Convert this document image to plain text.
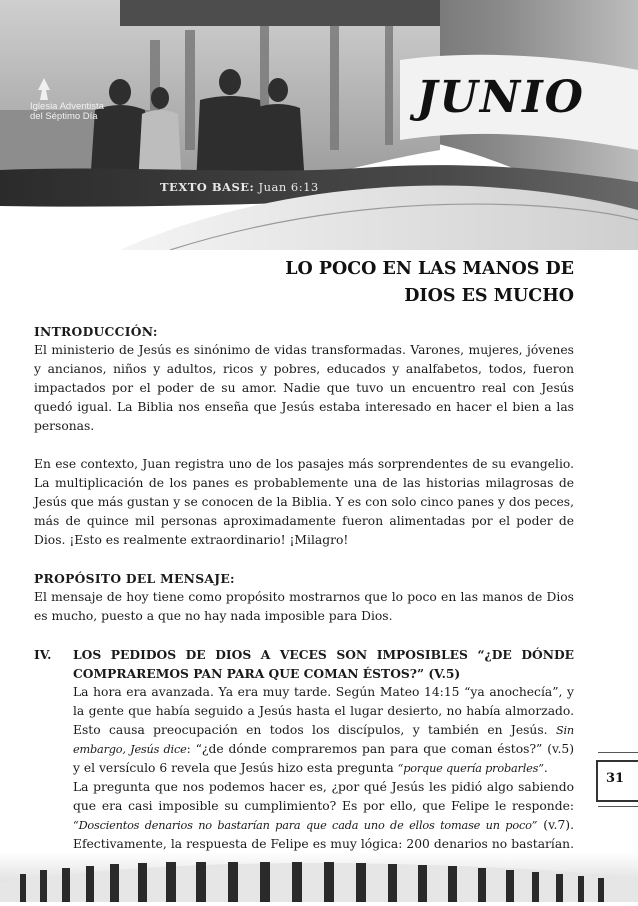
Iglesia Adventista
del Séptimo Día	JUNIO
TEXTO BASE: Juan 6:13
LO POCO EN LAS MANOS DE
DIOS ES MUCHO

INTRODUCCIÓN:

El ministerio de Jesús es sinónimo de vidas transformadas. Varones, mujeres, jóvenes y ancianos, niños y adultos, ricos y pobres, educados y analfabetos, todos, fueron impactados por el poder de su amor. Nadie que tuvo un encuentro real con Jesús quedó igual. La Biblia nos enseña que Jesús estaba interesado en hacer el bien a las personas.

En ese contexto, Juan registra uno de los pasajes más sorprendentes de su evangelio. La multiplicación de los panes es probablemente una de las historias milagrosas de Jesús que más gustan y se conocen de la Biblia. Y es con solo cinco panes y dos peces, más de quince mil personas aproximadamente fueron alimentadas por el poder de Dios. ¡Esto es realmente extraordinario! ¡Milagro!

PROPÓSITO DEL MENSAJE:

El mensaje de hoy tiene como propósito mostrarnos que lo poco en las manos de Dios es mucho, puesto a que no hay nada imposible para Dios.

IV. LOS PEDIDOS DE DIOS A VECES SON IMPOSIBLES “¿DE DÓNDE COMPRAREMOS PAN PARA QUE COMAN ÉSTOS?” (V.5)

La hora era avanzada. Ya era muy tarde. Según Mateo 14:15 “ya anochecía”, y la gente que había seguido a Jesús hasta el lugar desierto, no había almorzado. Esto causa preocupación en todos los discípulos, y también en Jesús. Sin embargo, Jesús dice: “¿de dónde compraremos pan para que coman éstos?” (v.5) y el versículo 6 revela que Jesús hizo esta pregunta “porque quería probarles”.

La pregunta que nos podemos hacer es, ¿por qué Jesús les pidió algo sabiendo que era casi imposible su cumplimiento? Es por ello, que Felipe le responde: “Doscientos denarios no bastarían para que cada uno de ellos tomase un poco” (v.7). Efectivamente, la respuesta de Felipe es muy lógica: 200 denarios no bastarían.

31
